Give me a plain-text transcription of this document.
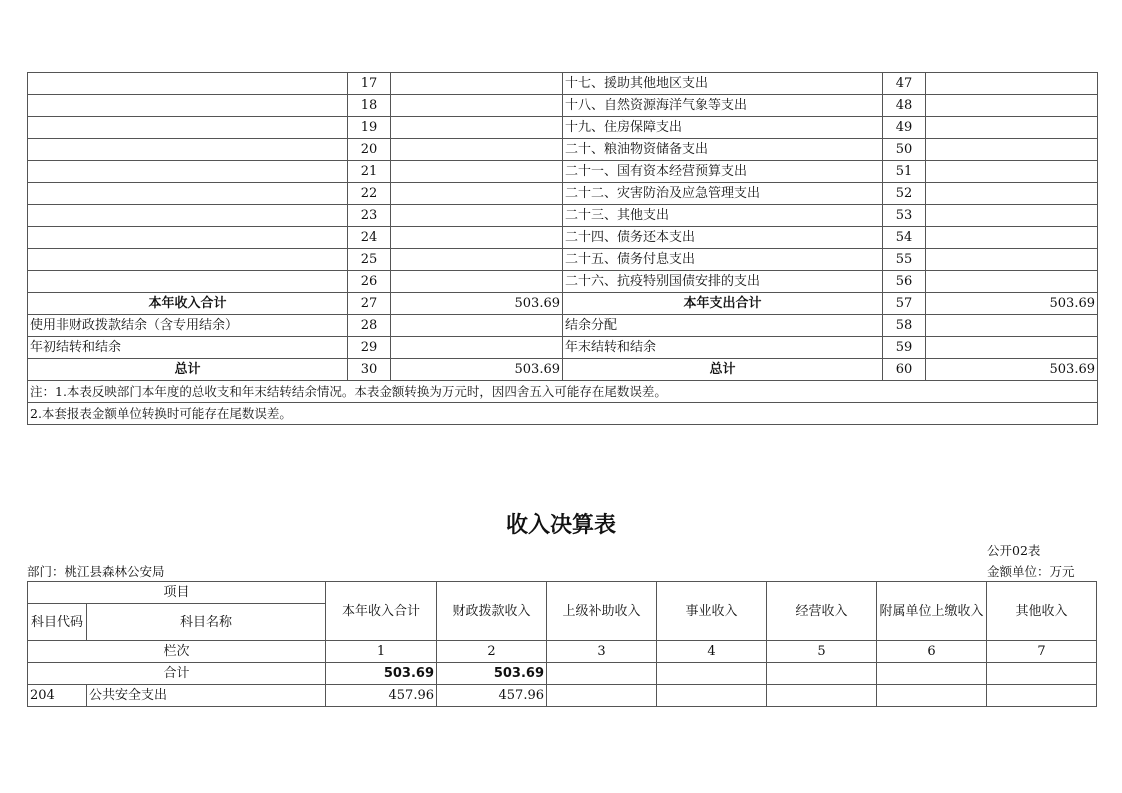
	17		十七、援助其他地区支出	47	
	18		十八、自然资源海洋气象等支出	48	
	19		十九、住房保障支出	49	
	20		二十、粮油物资储备支出	50	
	21		二十一、国有资本经营预算支出	51	
	22		二十二、灾害防治及应急管理支出	52	
	23		二十三、其他支出	53	
	24		二十四、债务还本支出	54	
	25		二十五、债务付息支出	55	
	26		二十六、抗疫特别国债安排的支出	56	
本年收入合计	27	503.69	本年支出合计	57	503.69
使用非财政拨款结余（含专用结余）	28		结余分配	58	
年初结转和结余	29		年末结转和结余	59	
总计	30	503.69	总计	60	503.69
注：1.本表反映部门本年度的总收支和年末结转结余情况。本表金额转换为万元时，因四舍五入可能存在尾数误差。					
2.本套报表金额单位转换时可能存在尾数误差。					
收入决算表
公开02表
部门：桃江县森林公安局	金额单位：万元
项目		本年收入合计	财政拨款收入	上级补助收入	事业收入	经营收入	附属单位上缴收入	其他收入
科目代码	科目名称							

栏次		1	2	3	4	5	6	7
合计		503.69	503.69					
204	公共安全支出	457.96	457.96					
